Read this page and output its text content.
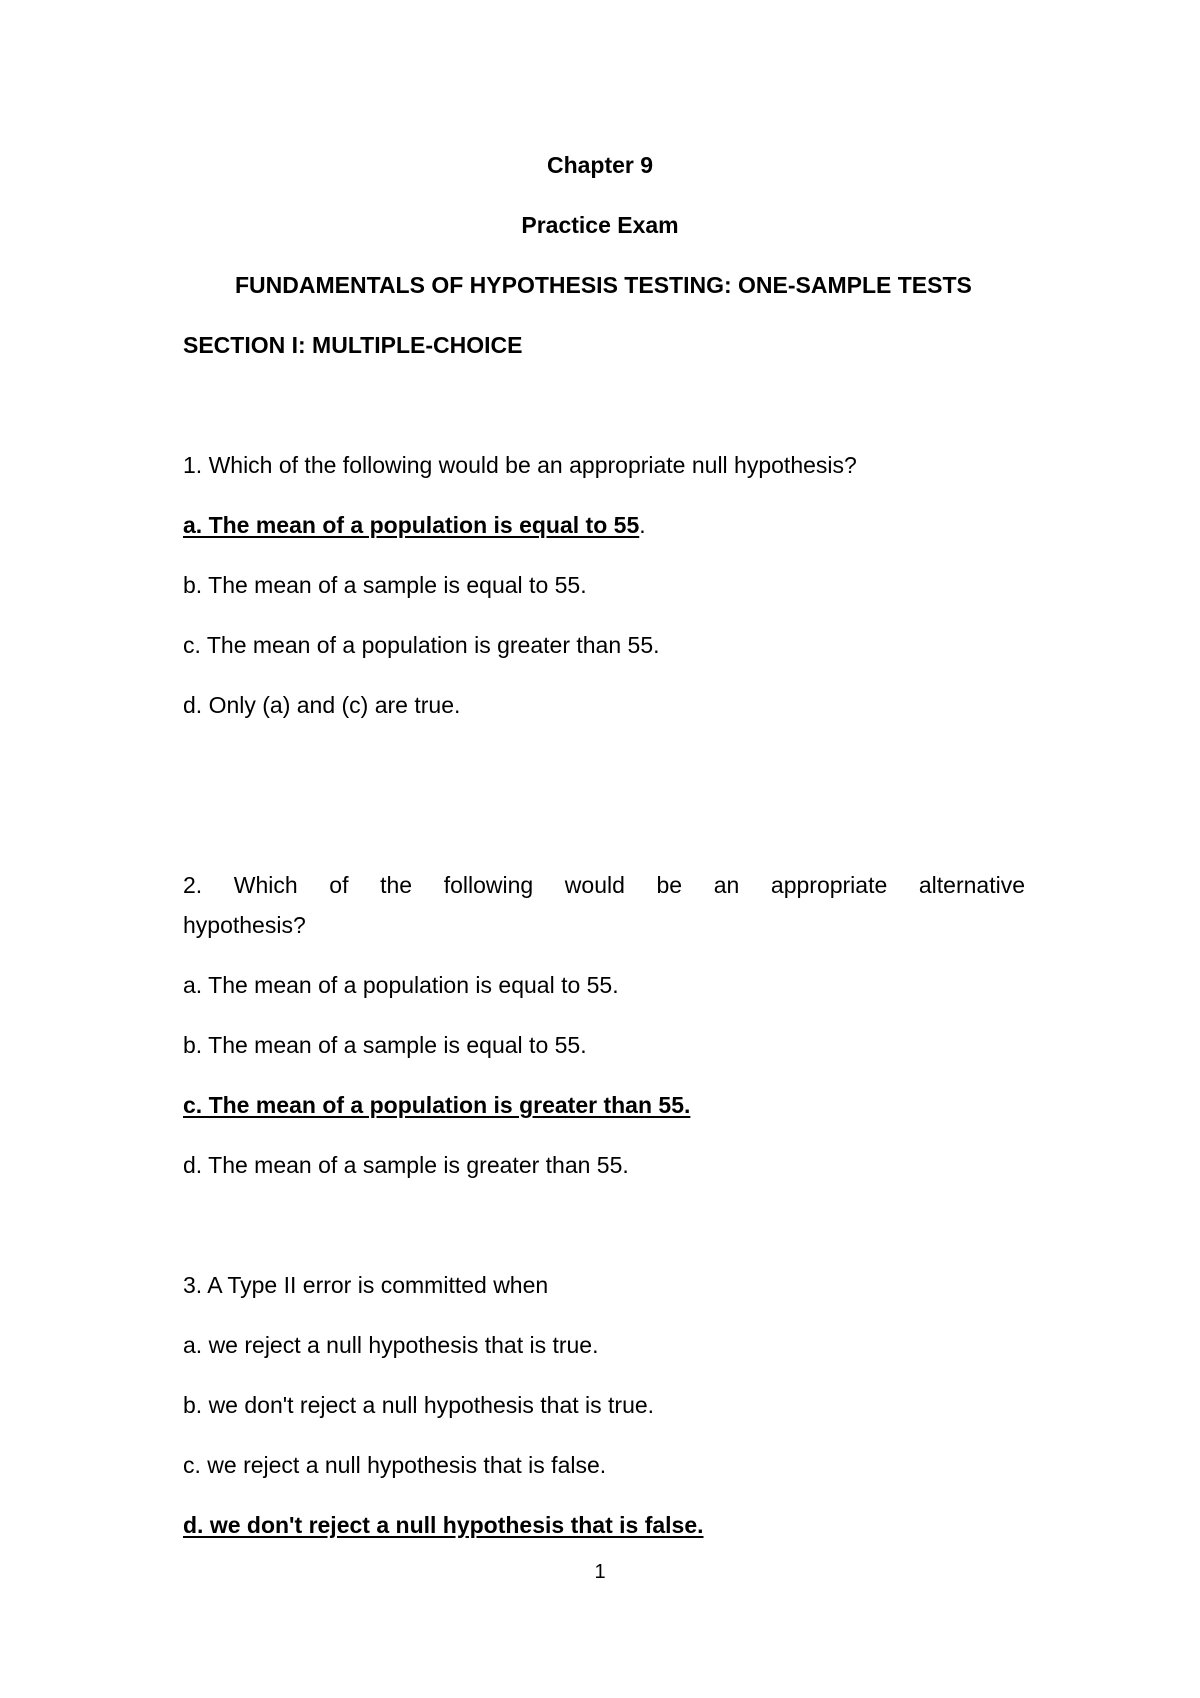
Chapter 9
Practice Exam
FUNDAMENTALS OF HYPOTHESIS TESTING: ONE-SAMPLE TESTS
SECTION I: MULTIPLE-CHOICE
1. Which of the following would be an appropriate null hypothesis?
a. The mean of a population is equal to 55.
b. The mean of a sample is equal to 55.
c. The mean of a population is greater than 55.
d. Only (a) and (c) are true.
2. Which of the following would be an appropriate alternative
hypothesis?
a. The mean of a population is equal to 55.
b. The mean of a sample is equal to 55.
c. The mean of a population is greater than 55.
d. The mean of a sample is greater than 55.
3. A Type II error is committed when
a. we reject a null hypothesis that is true.
b. we don't reject a null hypothesis that is true.
c. we reject a null hypothesis that is false.
d. we don't reject a null hypothesis that is false.
1
